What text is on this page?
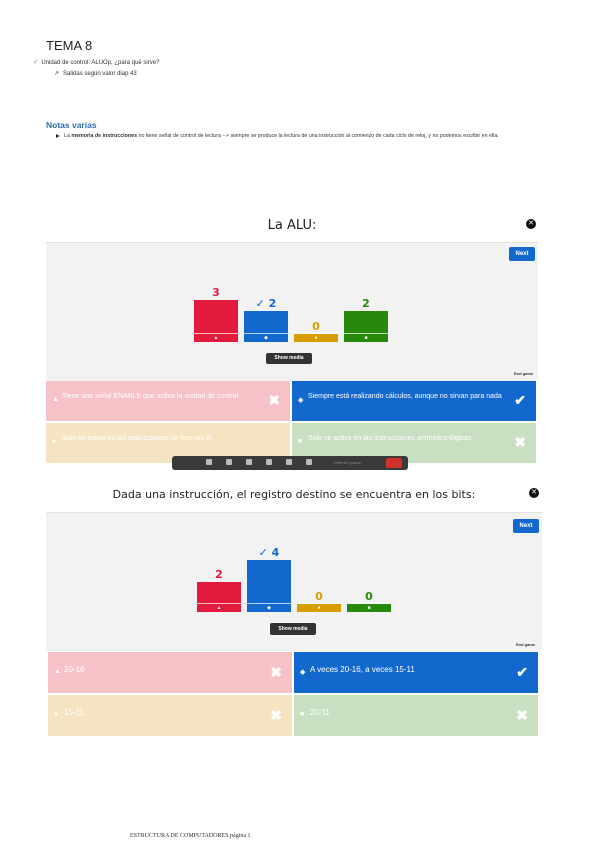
TEMA 8
›’ Unidad de control: ALUOp, ¿para qué sirve?
↗ Salidas según valor diap 43
Notas varias
La memoria de instrucciones no tiene señal de control de lectura --> siempre se produce la lectura de una instrucción al comienzo de cada ciclo de reloj, y no podemos escribir en ella.
La ALU:	✕
Next
Show media
End game
▲
3
◆
✓ 2
●
0
■
2
▲ Tiene una señal ENABLE que activa la unidad de control	✖	◆
Siempre está realizando cálculos, aunque no sirvan para nada ✔
● Solo se activa en las instrucciones de formato R	■ Solo se activa en las instrucciones aritmético-lógicas	✖
Detener grabar
Dada una instrucción, el registro destino se encuentra en los bits:	✕
Next
Show media
End game
▲
2
◆
✓ 4
●
0
■
0
▲ 20-16	✖	◆ A veces 20-16, a veces 15-11	✔
● 15-11	✖	■ 20-11	✖
ESTRUCTURA DE COMPUTADORES página 1
